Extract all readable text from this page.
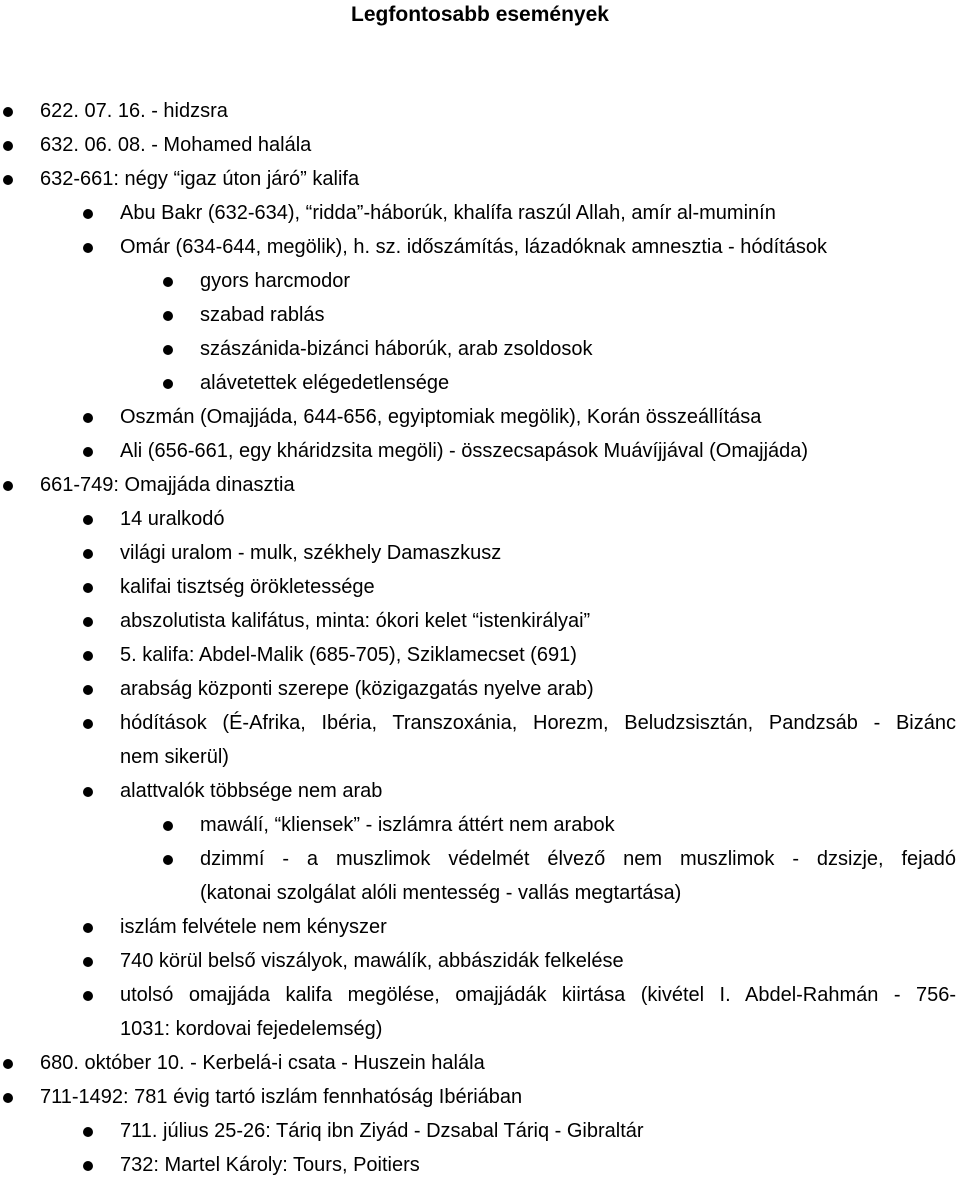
Legfontosabb események
622. 07. 16. - hidzsra
632. 06. 08. - Mohamed halála
632-661: négy “igaz úton járó” kalifa
Abu Bakr (632-634), “ridda”-háborúk, khalífa raszúl Allah, amír al-muminín
Omár (634-644, megölik), h. sz. időszámítás, lázadóknak amnesztia - hódítások
gyors harcmodor
szabad rablás
szászánida-bizánci háborúk, arab zsoldosok
alávetettek elégedetlensége
Oszmán (Omajjáda, 644-656, egyiptomiak megölik), Korán összeállítása
Ali (656-661, egy kháridzsita megöli) - összecsapások Muávíjjával (Omajjáda)
661-749: Omajjáda dinasztia
14 uralkodó
világi uralom - mulk, székhely Damaszkusz
kalifai tisztség örökletessége
abszolutista kalifátus, minta: ókori kelet “istenkirályai”
5. kalifa: Abdel-Malik (685-705), Sziklamecset (691)
arabság központi szerepe (közigazgatás nyelve arab)
hódítások (É-Afrika, Ibéria, Transzoxánia, Horezm, Beludzsisztán, Pandzsáb - Bizánc
nem sikerül)
alattvalók többsége nem arab
mawálí, “kliensek” - iszlámra áttért nem arabok
dzimmí - a muszlimok védelmét élvező nem muszlimok - dzsizje, fejadó
(katonai szolgálat alóli mentesség - vallás megtartása)
iszlám felvétele nem kényszer
740 körül belső viszályok, mawálík, abbászidák felkelése
utolsó omajjáda kalifa megölése, omajjádák kiirtása (kivétel I. Abdel-Rahmán - 756-
1031: kordovai fejedelemség)
680. október 10. - Kerbelá-i csata - Huszein halála
711-1492: 781 évig tartó iszlám fennhatóság Ibériában
711. július 25-26: Táriq ibn Ziyád - Dzsabal Táriq - Gibraltár
732: Martel Károly: Tours, Poitiers
